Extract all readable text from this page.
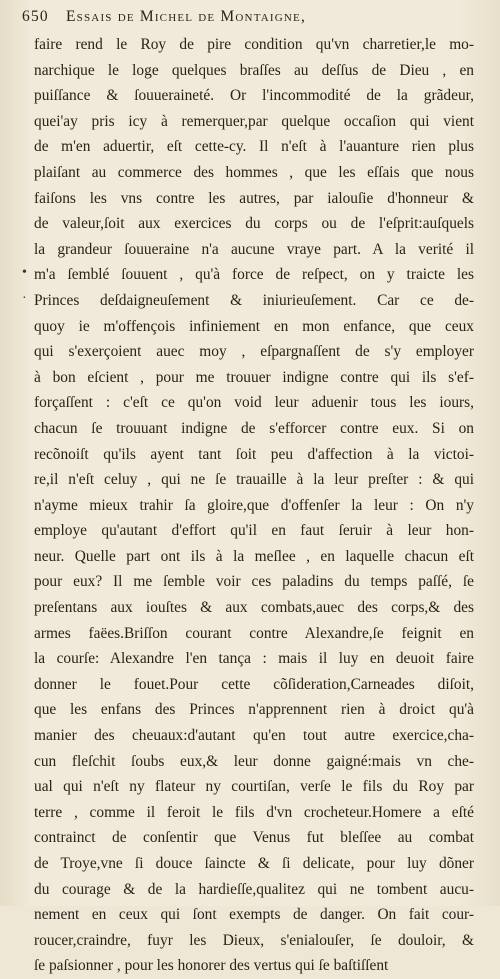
650 Essais de Michel de Montaigne,
•
·
faire rend le Roy de pire condition qu'vn charretier,le mo-
narchique le loge quelques braſſes au deſſus de Dieu , en
puiſſance & ſouueraineté. Or l'incommodité de la grãdeur,
quei'ay pris icy à remerquer,par quelque occaſion qui vient
de m'en aduertir, eſt cette-cy. Il n'eſt à l'auanture rien plus
plaiſant au commerce des hommes , que les eſſais que nous
faiſons les vns contre les autres, par ialouſie d'honneur &
de valeur,ſoit aux exercices du corps ou de l'eſprit:auſquels
la grandeur ſouueraine n'a aucune vraye part. A la verité il
m'a ſemblé ſouuent , qu'à force de reſpect, on y traicte les
Princes deſdaigneuſement & iniurieuſement. Car ce de-
quoy ie m'offençois infiniement en mon enfance, que ceux
qui s'exerçoient auec moy , eſpargnaſſent de s'y employer
à bon eſcient , pour me trouuer indigne contre qui ils s'ef-
forçaſſent : c'eſt ce qu'on void leur aduenir tous les iours,
chacun ſe trouuant indigne de s'efforcer contre eux. Si on
recõnoiſt qu'ils ayent tant ſoit peu d'affection à la victoi-
re,il n'eſt celuy , qui ne ſe trauaille à la leur preſter : & qui
n'ayme mieux trahir ſa gloire,que d'offenſer la leur : On n'y
employe qu'autant d'effort qu'il en faut ſeruir à leur hon-
neur. Quelle part ont ils à la meſlee , en laquelle chacun eſt
pour eux? Il me ſemble voir ces paladins du temps paſſé, ſe
preſentans aux iouſtes & aux combats,auec des corps,& des
armes faëes.Briſſon courant contre Alexandre,ſe feignit en
la courſe: Alexandre l'en tança : mais il luy en deuoit faire
donner le fouet.Pour cette cõſideration,Carneades diſoit,
que les enfans des Princes n'apprennent rien à droict qu'à
manier des cheuaux:d'autant qu'en tout autre exercice,cha-
cun fleſchit ſoubs eux,& leur donne gaigné:mais vn che-
ual qui n'eſt ny flateur ny courtiſan, verſe le fils du Roy par
terre , comme il feroit le fils d'vn crocheteur.Homere a eſté
contrainct de conſentir que Venus fut bleſſee au combat
de Troye,vne ſi douce ſaincte & ſi delicate, pour luy dõner
du courage & de la hardieſſe,qualitez qui ne tombent aucu-
nement en ceux qui ſont exempts de danger. On fait cour-
roucer,craindre, fuyr les Dieux, s'enialouſer, ſe douloir, &
ſe paſsionner , pour les honorer des vertus qui ſe baſtiſſent
